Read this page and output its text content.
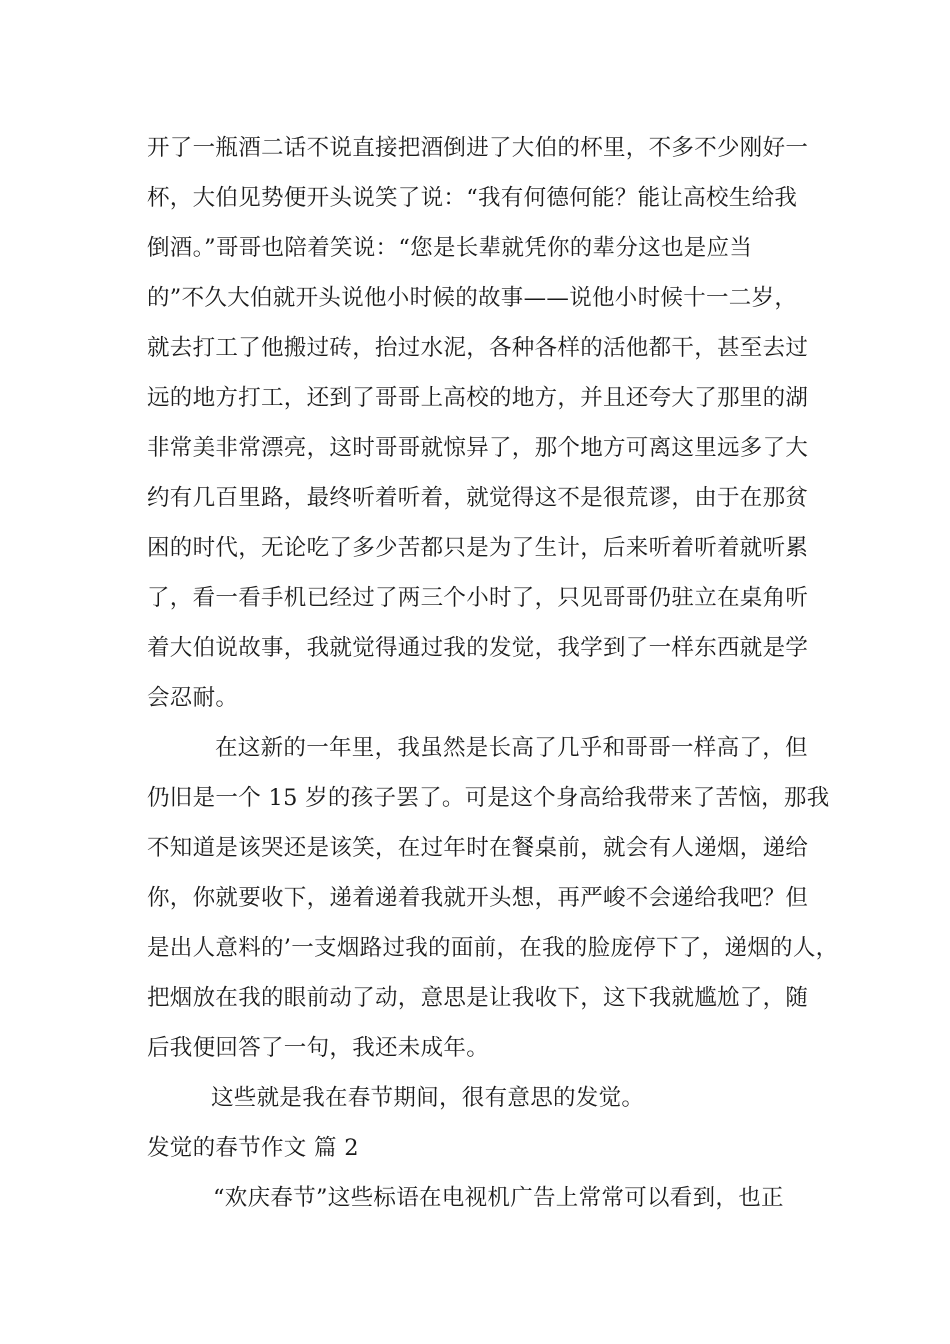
开了一瓶酒二话不说直接把酒倒进了大伯的杯里，不多不少刚好一
杯，大伯见势便开头说笑了说：“我有何德何能？能让高校生给我
倒酒。”哥哥也陪着笑说：“您是长辈就凭你的辈分这也是应当
的”不久大伯就开头说他小时候的故事——说他小时候十一二岁，
就去打工了他搬过砖，抬过水泥，各种各样的活他都干，甚至去过
远的地方打工，还到了哥哥上高校的地方，并且还夸大了那里的湖
非常美非常漂亮，这时哥哥就惊异了，那个地方可离这里远多了大
约有几百里路，最终听着听着，就觉得这不是很荒谬，由于在那贫
困的时代，无论吃了多少苦都只是为了生计，后来听着听着就听累
了，看一看手机已经过了两三个小时了，只见哥哥仍驻立在桌角听
着大伯说故事，我就觉得通过我的发觉，我学到了一样东西就是学
会忍耐。
在这新的一年里，我虽然是长高了几乎和哥哥一样高了，但
仍旧是一个 15 岁的孩子罢了。可是这个身高给我带来了苦恼，那我
不知道是该哭还是该笑，在过年时在餐桌前，就会有人递烟，递给
你，你就要收下，递着递着我就开头想，再严峻不会递给我吧？但
是出人意料的’一支烟路过我的面前，在我的脸庞停下了，递烟的人，
把烟放在我的眼前动了动，意思是让我收下，这下我就尴尬了，随
后我便回答了一句，我还未成年。
这些就是我在春节期间，很有意思的发觉。
发觉的春节作文 篇 2
“欢庆春节”这些标语在电视机广告上常常可以看到，也正
